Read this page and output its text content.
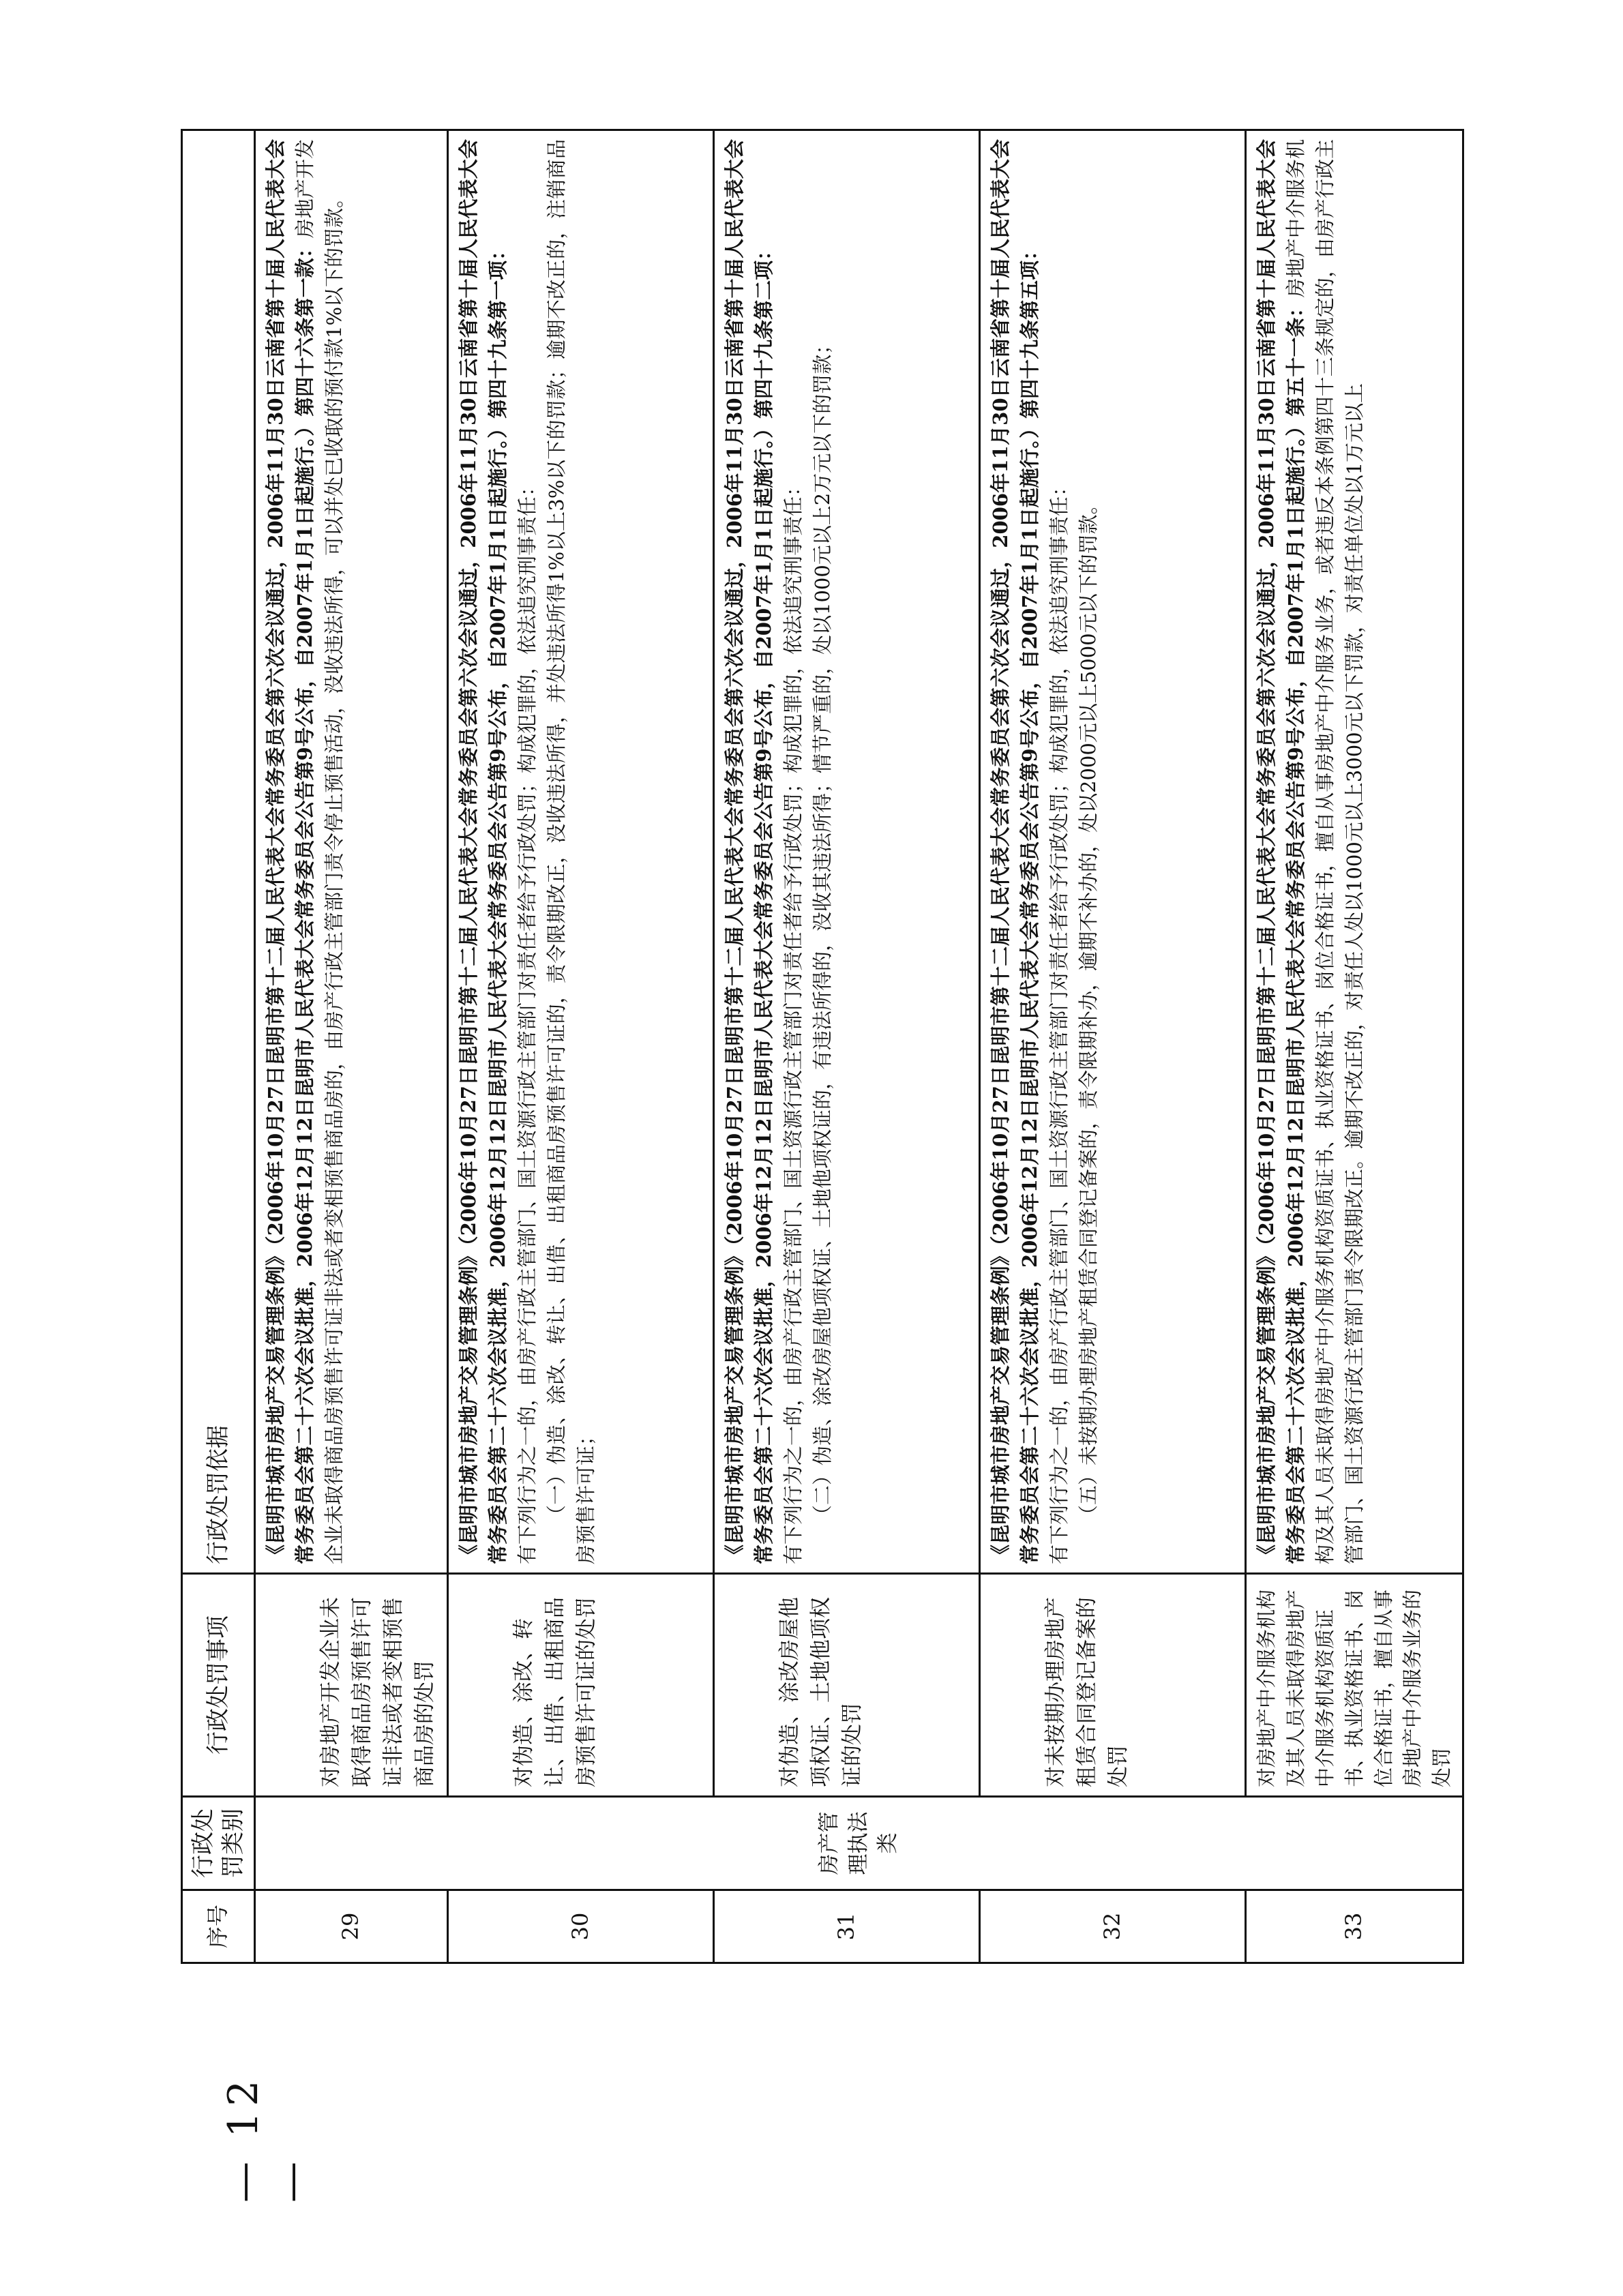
— 12 —
序号	行政处罚类别	行政处罚事项	行政处罚依据
29	房产管理执法类	对房地产开发企业未取得商品房预售许可证非法或者变相预售商品房的处罚	《昆明市城市房地产交易管理条例》（2006年10月27日昆明市第十二届人民代表大会常务委员会第六次会议通过，2006年11月30日云南省第十届人民代表大会常务委员会第二十六次会议批准，2006年12月12日昆明市人民代表大会常务委员会公告第9号公布，自2007年1月1日起施行。）第四十六条第一款：房地产开发企业未取得商品房预售许可证非法或者变相预售商品房的，由房产行政主管部门责令停止预售活动，没收违法所得，可以并处已收取的预付款1%以下的罚款。

30		对伪造、涂改、转让、出借、出租商品房预售许可证的处罚	《昆明市城市房地产交易管理条例》（2006年10月27日昆明市第十二届人民代表大会常务委员会第六次会议通过，2006年11月30日云南省第十届人民代表大会常务委员会第二十六次会议批准，2006年12月12日昆明市人民代表大会常务委员会公告第9号公布，自2007年1月1日起施行。）第四十九条第一项： 有下列行为之一的，由房产行政主管部门、国土资源行政主管部门对责任者给予行政处罚；构成犯罪的，依法追究刑事责任： （一）伪造、涂改、转让、出借、出租商品房预售许可证的，责令限期改正，没收违法所得，并处违法所得1%以上3%以下的罚款；逾期不改正的，注销商品房预售许可证；

31		对伪造、涂改房屋他项权证、土地他项权证的处罚	《昆明市城市房地产交易管理条例》（2006年10月27日昆明市第十二届人民代表大会常务委员会第六次会议通过，2006年11月30日云南省第十届人民代表大会常务委员会第二十六次会议批准，2006年12月12日昆明市人民代表大会常务委员会公告第9号公布，自2007年1月1日起施行。）第四十九条第二项： 有下列行为之一的，由房产行政主管部门、国土资源行政主管部门对责任者给予行政处罚；构成犯罪的，依法追究刑事责任： （二）伪造、涂改房屋他项权证、土地他项权证的，有违法所得的，没收其违法所得；情节严重的，处以1000元以上2万元以下的罚款；

32		对未按期办理房地产租赁合同登记备案的处罚	《昆明市城市房地产交易管理条例》（2006年10月27日昆明市第十二届人民代表大会常务委员会第六次会议通过，2006年11月30日云南省第十届人民代表大会常务委员会第二十六次会议批准，2006年12月12日昆明市人民代表大会常务委员会公告第9号公布，自2007年1月1日起施行。）第四十九条第五项： 有下列行为之一的，由房产行政主管部门、国土资源行政主管部门对责任者给予行政处罚；构成犯罪的，依法追究刑事责任： （五）未按期办理房地产租赁合同登记备案的，责令限期补办，逾期不补办的，处以2000元以上5000元以下的罚款。

33		对房地产中介服务机构及其人员未取得房地产中介服务机构资质证书、执业资格证书、岗位合格证书，擅自从事房地产中介服务业务的处罚	《昆明市城市房地产交易管理条例》（2006年10月27日昆明市第十二届人民代表大会常务委员会第六次会议通过，2006年11月30日云南省第十届人民代表大会常务委员会第二十六次会议批准，2006年12月12日昆明市人民代表大会常务委员会公告第9号公布，自2007年1月1日起施行。）第五十一条：房地产中介服务机构及其人员未取得房地产中介服务机构资质证书、执业资格证书、岗位合格证书，擅自从事房地产中介服务业务，或者违反本条例第四十三条规定的，由房产行政主管部门、国土资源行政主管部门责令限期改正。逾期不改正的，对责任人处以1000元以上3000元以下罚款，对责任单位处以1万元以上
